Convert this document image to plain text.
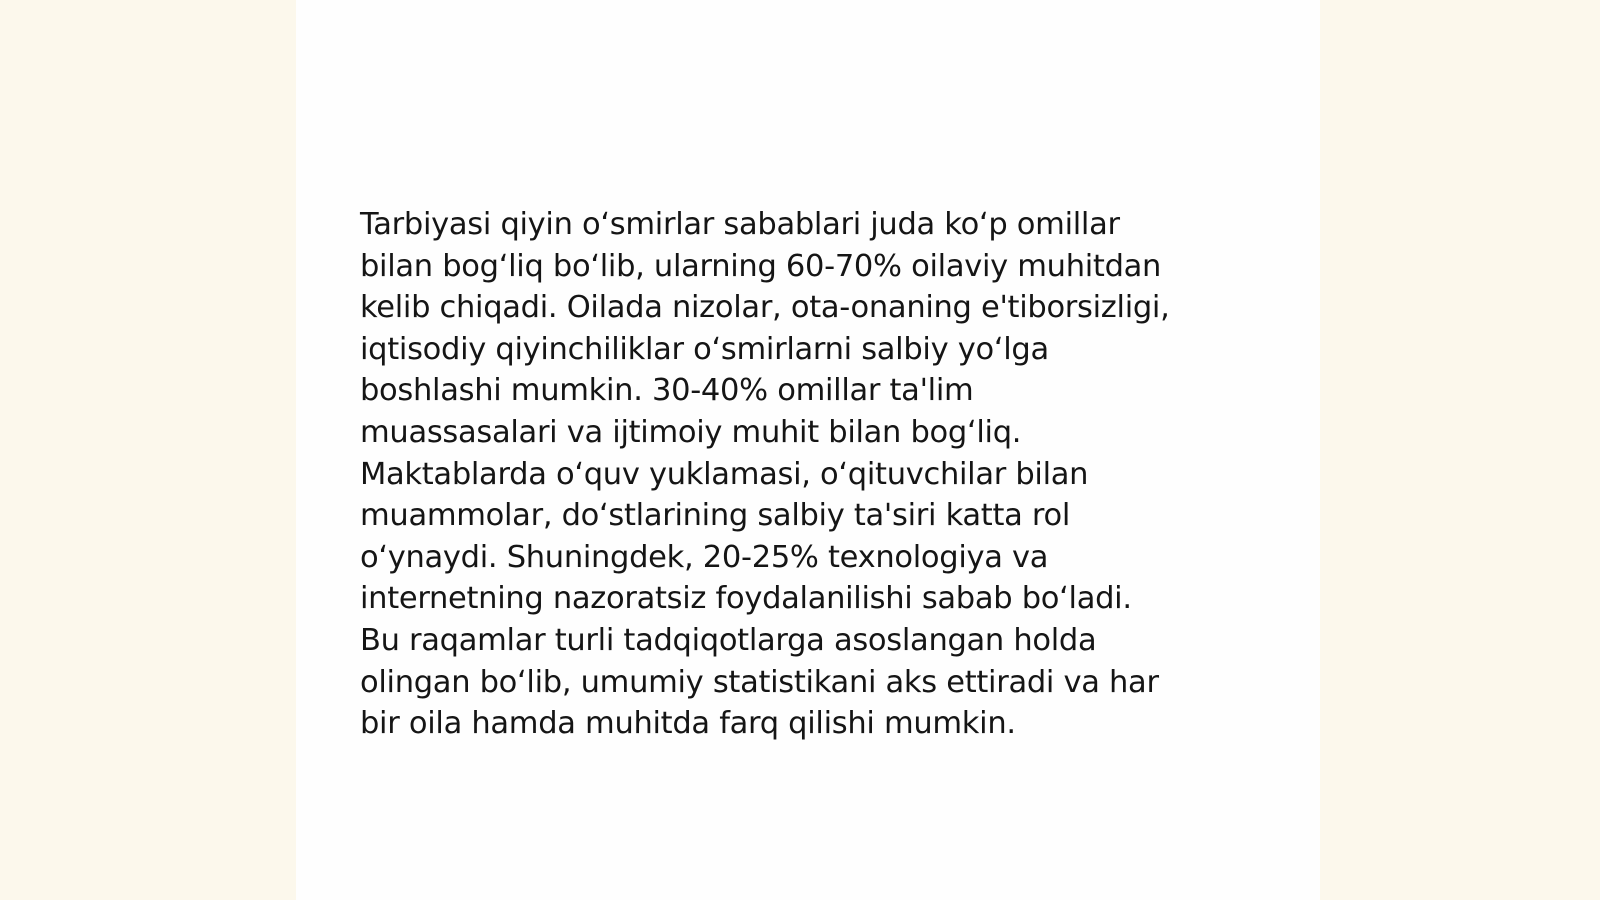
Tarbiyasi qiyin oʻsmirlar sabablari juda koʻp omillar
bilan bogʻliq boʻlib, ularning 60-70% oilaviy muhitdan
kelib chiqadi. Oilada nizolar, ota-onaning e'tiborsizligi,
iqtisodiy qiyinchiliklar oʻsmirlarni salbiy yoʻlga
boshlashi mumkin. 30-40% omillar ta'lim
muassasalari va ijtimoiy muhit bilan bogʻliq.
Maktablarda oʻquv yuklamasi, oʻqituvchilar bilan
muammolar, doʻstlarining salbiy ta'siri katta rol
oʻynaydi. Shuningdek, 20-25% texnologiya va
internetning nazoratsiz foydalanilishi sabab boʻladi.
Bu raqamlar turli tadqiqotlarga asoslangan holda
olingan boʻlib, umumiy statistikani aks ettiradi va har
bir oila hamda muhitda farq qilishi mumkin.
